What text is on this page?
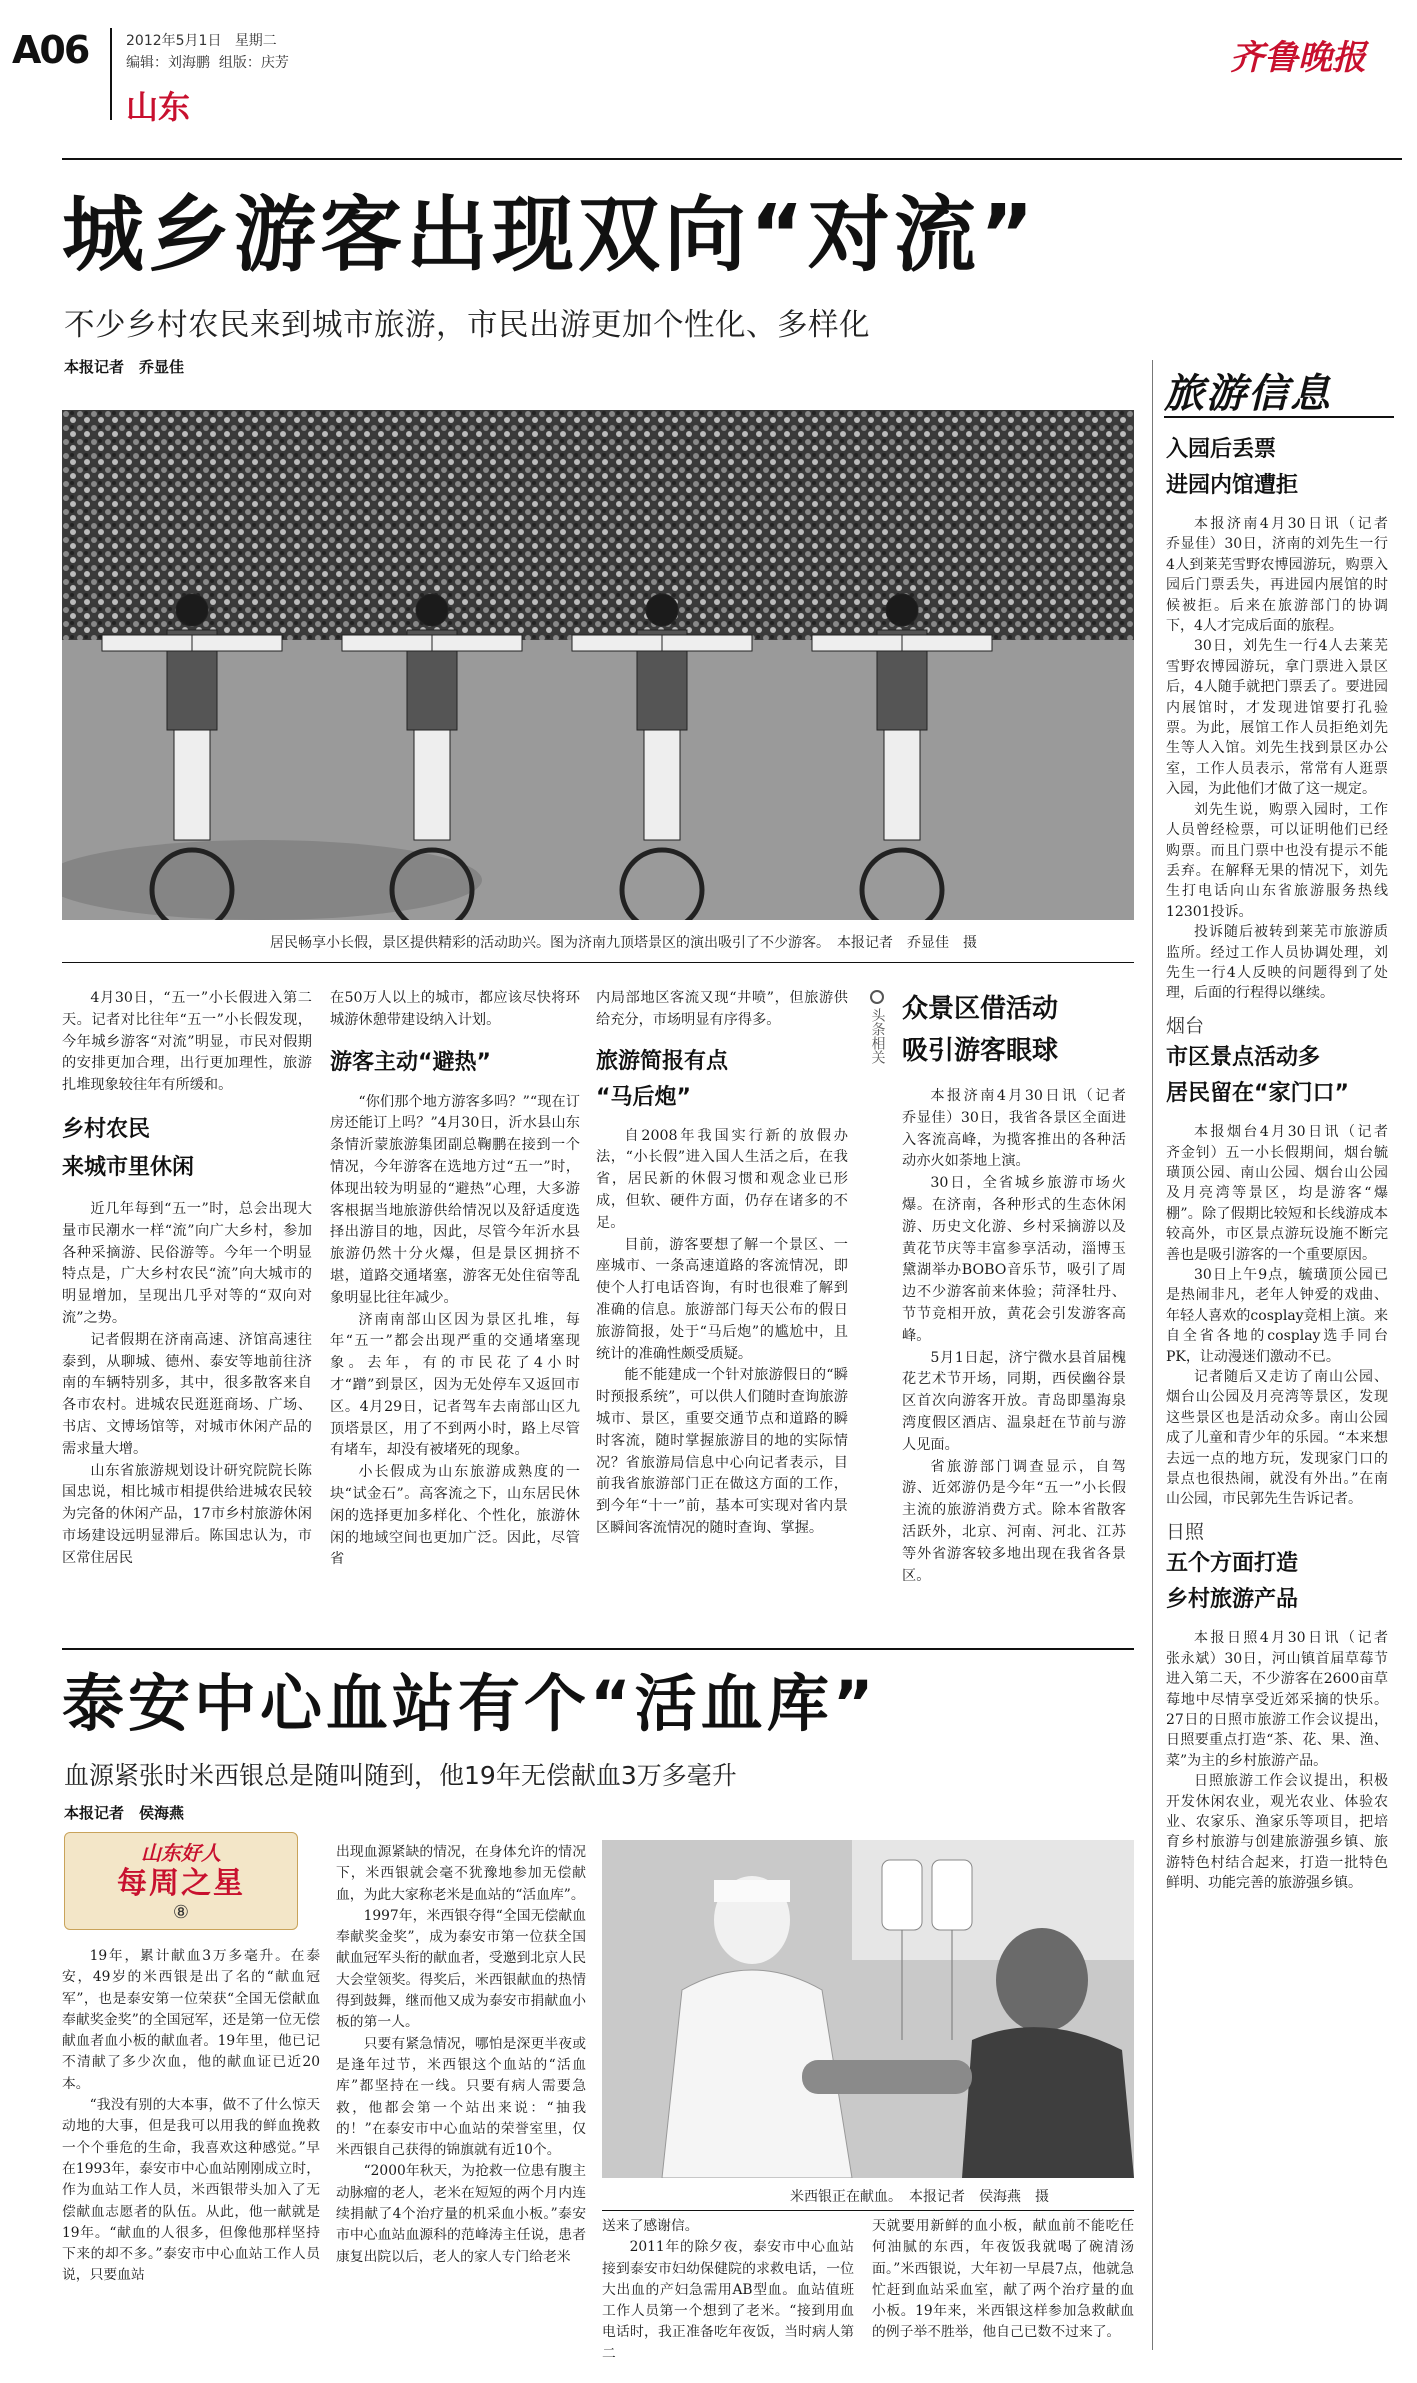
A06	2012年5月1日 星期二
编辑：刘海鹏 组版：庆芳
山东
齐鲁晚报
城乡游客出现双向“对流”
不少乡村农民来到城市旅游，市民出游更加个性化、多样化
本报记者　乔显佳
居民畅享小长假，景区提供精彩的活动助兴。图为济南九顶塔景区的演出吸引了不少游客。　本报记者　乔显佳　摄

4月30日，“五一”小长假进入第二天。记者对比往年“五一”小长假发现，今年城乡游客“对流”明显，市民对假期的安排更加合理，出行更加理性，旅游扎堆现象较往年有所缓和。

乡村农民
来城市里休闲

近几年每到“五一”时，总会出现大量市民潮水一样“流”向广大乡村，参加各种采摘游、民俗游等。今年一个明显特点是，广大乡村农民“流”向大城市的明显增加，呈现出几乎对等的“双向对流”之势。

记者假期在济南高速、济馆高速往泰到，从聊城、德州、泰安等地前往济南的车辆特别多，其中，很多散客来自各市农村。进城农民逛逛商场、广场、书店、文博场馆等，对城市休闲产品的需求量大增。

山东省旅游规划设计研究院院长陈国忠说，相比城市相提供给进城农民较为完备的休闲产品，17市乡村旅游休闲市场建设远明显滞后。陈国忠认为，市区常住居民

在50万人以上的城市，都应该尽快将环城游休憩带建设纳入计划。

游客主动“避热”

“你们那个地方游客多吗？”“现在订房还能订上吗？”4月30日，沂水县山东条情沂蒙旅游集团副总鞠鹏在接到一个情况，今年游客在选地方过“五一”时，体现出较为明显的“避热”心理，大多游客根据当地旅游供给情况以及舒适度选择出游目的地，因此，尽管今年沂水县旅游仍然十分火爆，但是景区拥挤不堪，道路交通堵塞，游客无处住宿等乱象明显比往年减少。

济南南部山区因为景区扎堆，每年“五一”都会出现严重的交通堵塞现象。去年，有的市民花了4小时才“蹭”到景区，因为无处停车又返回市区。4月29日，记者驾车去南部山区九顶塔景区，用了不到两小时，路上尽管有堵车，却没有被堵死的现象。

小长假成为山东旅游成熟度的一块“试金石”。高客流之下，山东居民休闲的选择更加多样化、个性化，旅游休闲的地域空间也更加广泛。因此，尽管省

内局部地区客流又现“井喷”，但旅游供给充分，市场明显有序得多。

旅游简报有点
“马后炮”

自2008年我国实行新的放假办法，“小长假”进入国人生活之后，在我省，居民新的休假习惯和观念业已形成，但软、硬件方面，仍存在诸多的不足。

目前，游客要想了解一个景区、一座城市、一条高速道路的客流情况，即使个人打电话咨询，有时也很难了解到准确的信息。旅游部门每天公布的假日旅游简报，处于“马后炮”的尴尬中，且统计的准确性颇受质疑。

能不能建成一个针对旅游假日的“瞬时预报系统”，可以供人们随时查询旅游城市、景区，重要交通节点和道路的瞬时客流，随时掌握旅游目的地的实际情况？省旅游局信息中心向记者表示，目前我省旅游部门正在做这方面的工作，到今年“十一”前，基本可实现对省内景区瞬间客流情况的随时查询、掌握。

头条相关 众景区借活动
吸引游客眼球

本报济南4月30日讯（记者　乔显佳）30日，我省各景区全面进入客流高峰，为揽客推出的各种活动亦火如荼地上演。

30日，全省城乡旅游市场火爆。在济南，各种形式的生态休闲游、历史文化游、乡村采摘游以及黄花节庆等丰富参享活动，淄博玉黛湖举办BOBO音乐节，吸引了周边不少游客前来体验；菏泽牡丹、节节竞相开放，黄花会引发游客高峰。

5月1日起，济宁微水县首届槐花艺术节开场，同期，西侯幽谷景区首次向游客开放。青岛即墨海泉湾度假区酒店、温泉赶在节前与游人见面。

省旅游部门调查显示，自驾游、近郊游仍是今年“五一”小长假主流的旅游消费方式。除本省散客活跃外，北京、河南、河北、江苏等外省游客较多地出现在我省各景区。

旅游信息
入园后丢票
进园内馆遭拒

本报济南4月30日讯（记者　乔显佳）30日，济南的刘先生一行4人到莱芜雪野农博园游玩，购票入园后门票丢失，再进园内展馆的时候被拒。后来在旅游部门的协调下，4人才完成后面的旅程。

30日，刘先生一行4人去莱芜雪野农博园游玩，拿门票进入景区后，4人随手就把门票丢了。要进园内展馆时，才发现进馆要打孔验票。为此，展馆工作人员拒绝刘先生等人入馆。刘先生找到景区办公室，工作人员表示，常常有人逛票入园，为此他们才做了这一规定。

刘先生说，购票入园时，工作人员曾经检票，可以证明他们已经购票。而且门票中也没有提示不能丢弃。在解释无果的情况下，刘先生打电话向山东省旅游服务热线12301投诉。

投诉随后被转到莱芜市旅游质监所。经过工作人员协调处理，刘先生一行4人反映的问题得到了处理，后面的行程得以继续。

烟台
市区景点活动多
居民留在“家门口”

本报烟台4月30日讯（记者　齐金钊）五一小长假期间，烟台毓璜顶公园、南山公园、烟台山公园及月亮湾等景区，均是游客“爆棚”。除了假期比较短和长线游成本较高外，市区景点游玩设施不断完善也是吸引游客的一个重要原因。

30日上午9点，毓璜顶公园已是热闹非凡，老年人钟爱的戏曲、年轻人喜欢的cosplay竞相上演。来自全省各地的cosplay选手同台PK，让动漫迷们激动不已。

记者随后又走访了南山公园、烟台山公园及月亮湾等景区，发现这些景区也是活动众多。南山公园成了儿童和青少年的乐园。“本来想去远一点的地方玩，发现家门口的景点也很热闹，就没有外出。”在南山公园，市民郭先生告诉记者。

日照
五个方面打造
乡村旅游产品

本报日照4月30日讯（记者　张永斌）30日，河山镇首届草莓节进入第二天，不少游客在2600亩草莓地中尽情享受近郊采摘的快乐。27日的日照市旅游工作会议提出，日照要重点打造“茶、花、果、渔、菜”为主的乡村旅游产品。

日照旅游工作会议提出，积极开发休闲农业，观光农业、体验农业、农家乐、渔家乐等项目，把培育乡村旅游与创建旅游强乡镇、旅游特色村结合起来，打造一批特色鲜明、功能完善的旅游强乡镇。

泰安中心血站有个“活血库”
血源紧张时米西银总是随叫随到，他19年无偿献血3万多毫升
本报记者　侯海燕
山东好人
每周之星
⑧

19年，累计献血3万多毫升。在泰安，49岁的米西银是出了名的“献血冠军”，也是泰安第一位荣获“全国无偿献血奉献奖金奖”的全国冠军，还是第一位无偿献血者血小板的献血者。19年里，他已记不清献了多少次血，他的献血证已近20本。

“我没有别的大本事，做不了什么惊天动地的大事，但是我可以用我的鲜血挽救一个个垂危的生命，我喜欢这种感觉。”早在1993年，泰安市中心血站刚刚成立时，作为血站工作人员，米西银带头加入了无偿献血志愿者的队伍。从此，他一献就是19年。“献血的人很多，但像他那样坚持下来的却不多。”泰安市中心血站工作人员说，只要血站

出现血源紧缺的情况，在身体允许的情况下，米西银就会毫不犹豫地参加无偿献血，为此大家称老米是血站的“活血库”。

1997年，米西银夺得“全国无偿献血奉献奖金奖”，成为泰安市第一位获全国献血冠军头衔的献血者，受邀到北京人民大会堂领奖。得奖后，米西银献血的热情得到鼓舞，继而他又成为泰安市捐献血小板的第一人。

只要有紧急情况，哪怕是深更半夜或是逢年过节，米西银这个血站的“活血库”都坚持在一线。只要有病人需要急救，他都会第一个站出来说：“抽我的！”在泰安市中心血站的荣誉室里，仅米西银自己获得的锦旗就有近10个。

“2000年秋天，为抢救一位患有腹主动脉瘤的老人，老米在短短的两个月内连续捐献了4个治疗量的机采血小板。”泰安市中心血站血源科的范峰涛主任说，患者康复出院以后，老人的家人专门给老米

米西银正在献血。　本报记者　侯海燕　摄

送来了感谢信。

2011年的除夕夜，泰安市中心血站接到泰安市妇幼保健院的求救电话，一位大出血的产妇急需用AB型血。血站值班工作人员第一个想到了老米。“接到用血电话时，我正准备吃年夜饭，当时病人第二

天就要用新鲜的血小板，献血前不能吃任何油腻的东西，年夜饭我就喝了碗清汤面。”米西银说，大年初一早晨7点，他就急忙赶到血站采血室，献了两个治疗量的血小板。19年来，米西银这样参加急救献血的例子举不胜举，他自己已数不过来了。
